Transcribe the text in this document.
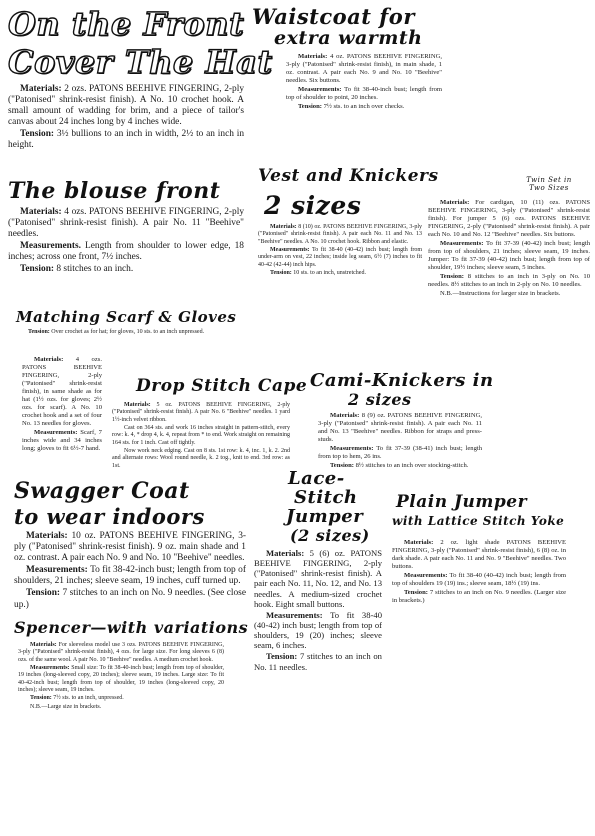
On the Front
Cover The Hat

Materials: 2 ozs. PATONS BEEHIVE FINGERING, 2-ply ("Patonised" shrink-resist finish). A No. 10 crochet hook. A small amount of wadding for brim, and a piece of tailor's canvas about 24 inches long by 4 inches wide.

Tension: 3½ bullions to an inch in width, 2½ to an inch in height.

Waistcoat for
extra warmth

Materials: 4 oz. PATONS BEEHIVE FINGERING, 3-ply ("Patonised" shrink-resist finish), in main shade, 1 oz. contrast. A pair each No. 9 and No. 10 "Beehive" needles. Six buttons.

Measurements: To fit 38-40-inch bust; length from top of shoulder to point, 20 inches.

Tension: 7½ sts. to an inch over checks.

The blouse front

Materials: 4 ozs. PATONS BEEHIVE FINGERING, 2-ply ("Patonised" shrink-resist finish). A pair No. 11 "Beehive" needles.

Measurements. Length from shoulder to lower edge, 18 inches; across one front, 7½ inches.

Tension: 8 stitches to an inch.

Vest and Knickers
2 sizes

Materials: 8 (10) oz. PATONS BEEHIVE FINGERING, 3-ply ("Patonised" shrink-resist finish). A pair each No. 11 and No. 13 "Beehive" needles. A No. 10 crochet hook. Ribbon and elastic.

Measurements: To fit 38-40 (40-42) inch bust; length from under-arm on vest, 22 inches; inside leg seam, 6½ (7) inches to fit 40-42 (42-44) inch hips.

Tension: 10 sts. to an inch, unstretched.

Twin Set in Two Sizes

Materials: For cardigan, 10 (11) ozs. PATONS BEEHIVE FINGERING, 3-ply ("Patonised" shrink-resist finish). For jumper 5 (6) ozs. PATONS BEEHIVE FINGERING, 2-ply ("Patonised" shrink-resist finish). A pair each No. 10 and No. 12 "Beehive" needles. Six buttons.

Measurements: To fit 37-39 (40-42) inch bust; length from top of shoulders, 21 inches; sleeve seam, 19 inches. Jumper: To fit 37-39 (40-42) inch bust; length from top of shoulder, 19½ inches; sleeve seam, 5 inches.

Tension: 8 stitches to an inch in 3-ply on No. 10 needles. 8½ stitches to an inch in 2-ply on No. 10 needles.

N.B.—Instructions for larger size in brackets.

Matching Scarf & Gloves

Tension: Over crochet as for hat; for gloves, 10 sts. to an inch unpressed.

Materials: 4 ozs. PATONS BEEHIVE FINGERING, 2-ply ("Patonised" shrink-resist finish), in same shade as for hat (1½ ozs. for gloves; 2½ ozs. for scarf). A No. 10 crochet hook and a set of four No. 13 needles for gloves.

Measurements: Scarf, 7 inches wide and 34 inches long; gloves to fit 6½-7 hand.

Drop Stitch Cape

Materials: 5 oz. PATONS BEEHIVE FINGERING, 2-ply ("Patonised" shrink-resist finish). A pair No. 6 "Beehive" needles. 1 yard 1½-inch velvet ribbon.

Cast on 364 sts. and work 16 inches straight in pattern-stitch, every row: k. 4, * drop 4, k. 4, repeat from * to end. Work straight on remaining 164 sts. for 1 inch. Cast off tightly.

Now work neck edging. Cast on 8 sts. 1st row: k. 4, inc. 1, k. 2. 2nd and alternate rows: Wool round needle, k. 2 tog., knit to end. 3rd row: as 1st.

Cami-Knickers in
2 sizes

Materials: 8 (9) oz. PATONS BEEHIVE FINGERING, 3-ply ("Patonised" shrink-resist finish). A pair each No. 11 and No. 13 "Beehive" needles. Ribbon for straps and press-studs.

Measurements: To fit 37-39 (38-41) inch bust; length from top to hem, 26 ins.

Tension: 8½ stitches to an inch over stocking-stitch.

Swagger Coat
to wear indoors

Materials: 10 oz. PATONS BEEHIVE FINGERING, 3-ply ("Patonised" shrink-resist finish). 9 oz. main shade and 1 oz. contrast. A pair each No. 9 and No. 10 "Beehive" needles.

Measurements: To fit 38-42-inch bust; length from top of shoulders, 21 inches; sleeve seam, 19 inches, cuff turned up.

Tension: 7 stitches to an inch on No. 9 needles. (See close up.)

Lace-
Stitch
Jumper
(2 sizes)

Materials: 5 (6) oz. PATONS BEEHIVE FINGERING, 2-ply ("Patonised" shrink-resist finish). A pair each No. 11, No. 12, and No. 13 needles. A medium-sized crochet hook. Eight small buttons.

Measurements: To fit 38-40 (40-42) inch bust; length from top of shoulders, 19 (20) inches; sleeve seam, 6 inches.

Tension: 7 stitches to an inch on No. 11 needles.

Plain Jumper
with Lattice Stitch Yoke

Materials: 2 oz. light shade PATONS BEEHIVE FINGERING, 3-ply ("Patonised" shrink-resist finish), 6 (8) oz. in dark shade. A pair each No. 11 and No. 9 "Beehive" needles. Two buttons.

Measurements: To fit 38-40 (40-42) inch bust; length from top of shoulders 19 (19) ins.; sleeve seam, 18½ (19) ins.

Tension: 7 stitches to an inch on No. 9 needles. (Larger size in brackets.)

Spencer—with variations

Materials: For sleeveless model use 3 ozs. PATONS BEEHIVE FINGERING, 3-ply ("Patonised" shrink-resist finish), 4 ozs. for large size. For long sleeves 6 (8) ozs. of the same wool. A pair No. 10 "Beehive" needles. A medium crochet hook.

Measurements: Small size: To fit 38-40-inch bust; length from top of shoulder, 19 inches (long-sleeved copy, 20 inches); sleeve seam, 19 inches. Large size: To fit 40-42-inch bust; length from top of shoulder, 19 inches (long-sleeved copy, 20 inches); sleeve seam, 19 inches.

Tension: 7½ sts. to an inch, unpressed.

N.B.—Large size in brackets.
